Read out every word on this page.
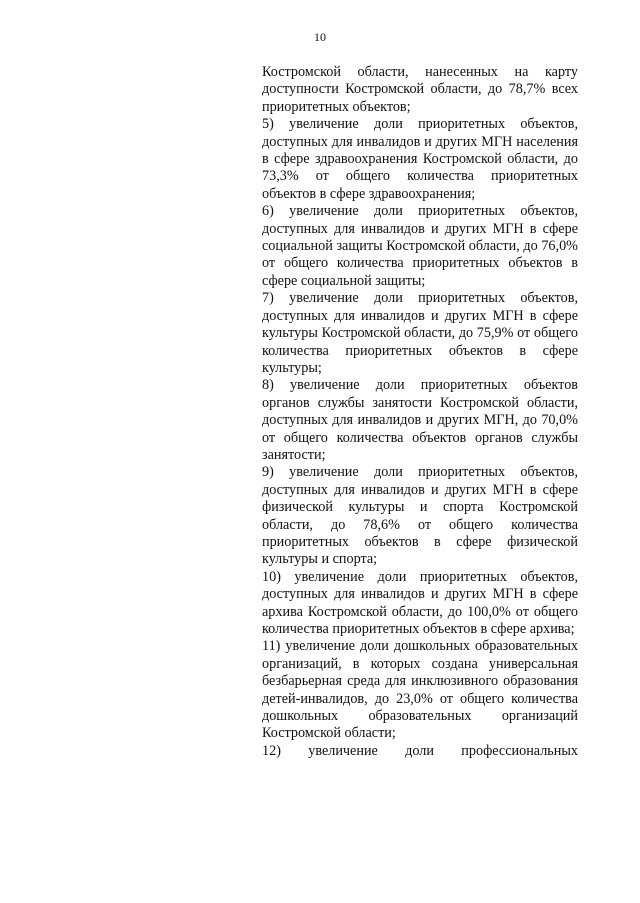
10

Костромской области, нанесенных на карту доступности Костромской области, до 78,7% всех приоритетных объектов;

5) увеличение доли приоритетных объектов, доступных для инвалидов и других МГН населения в сфере здравоохранения Костромской области, до 73,3% от общего количества приоритетных объектов в сфере здравоохранения;

6) увеличение доли приоритетных объектов, доступных для инвалидов и других МГН в сфере социальной защиты Костромской области, до 76,0% от общего количества приоритетных объектов в сфере социальной защиты;

7) увеличение доли приоритетных объектов, доступных для инвалидов и других МГН в сфере культуры Костромской области, до 75,9% от общего количества приоритетных объектов в сфере культуры;

8) увеличение доли приоритетных объектов органов службы занятости Костромской области, доступных для инвалидов и других МГН, до 70,0% от общего количества объектов органов службы занятости;

9) увеличение доли приоритетных объектов, доступных для инвалидов и других МГН в сфере физической культуры и спорта Костромской области, до 78,6% от общего количества приоритетных объектов в сфере физической культуры и спорта;

10) увеличение доли приоритетных объектов, доступных для инвалидов и других МГН в сфере архива Костромской области, до 100,0% от общего количества приоритетных объектов в сфере архива;

11) увеличение доли дошкольных образовательных организаций, в которых создана универсальная безбарьерная среда для инклюзивного образования детей-инвалидов, до 23,0% от общего количества дошкольных образовательных организаций Костромской области;

12) увеличение доли профессиональных
